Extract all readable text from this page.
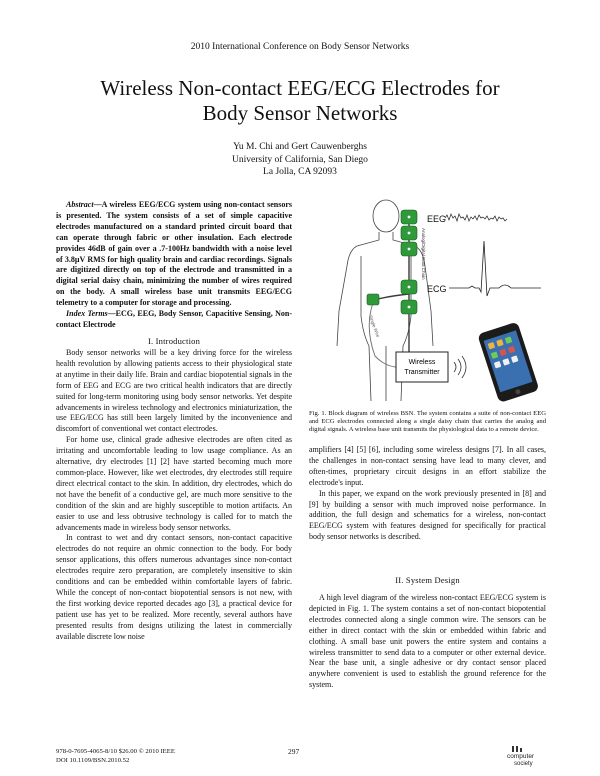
2010 International Conference on Body Sensor Networks
Wireless Non-contact EEG/ECG Electrodes for
Body Sensor Networks
Yu M. Chi and Gert Cauwenberghs
University of California, San Diego
La Jolla, CA 92093

Abstract—A wireless EEG/ECG system using non-contact sensors is presented. The system consists of a set of simple capacitive electrodes manufactured on a standard printed circuit board that can operate through fabric or other insulation. Each electrode provides 46dB of gain over a .7-100Hz bandwidth with a noise level of 3.8µV RMS for high quality brain and cardiac recordings. Signals are digitized directly on top of the electrode and transmitted in a digital serial daisy chain, minimizing the number of wires required on the body. A small wireless base unit transmits EEG/ECG telemetry to a computer for storage and processing.

Index Terms—ECG, EEG, Body Sensor, Capacitive Sensing, Non-contact Electrode

I. Introduction

Body sensor networks will be a key driving force for the wireless health revolution by allowing patients access to their physiological state at anytime in their daily life. Brain and cardiac biopotential signals in the form of EEG and ECG are two critical health indicators that are directly suited for long-term monitoring using body sensor networks. Yet despite advancements in wireless technology and electronics miniaturization, the use EEG/ECG has still been largely limited by the inconvenience and discomfort of conventional wet contact electrodes.

For home use, clinical grade adhesive electrodes are often cited as irritating and uncomfortable leading to low usage compliance. As an alternative, dry electrodes [1] [2] have started becoming much more common-place. However, like wet electrodes, dry electrodes still require direct electrical contact to the skin. In addition, dry electrodes, which do not have the benefit of a conductive gel, are much more sensitive to the condition of the skin and are highly susceptible to motion artifacts. An easier to use and less obtrusive technology is called for to match the advancements made in wireless body sensor networks.

In contrast to wet and dry contact sensors, non-contact capacitive electrodes do not require an ohmic connection to the body. For body sensor applications, this offers numerous advantages since non-contact electrodes require zero preparation, are completely insensitive to skin conditions and can be embedded within comfortable layers of fabric. While the concept of non-contact biopotential sensors is not new, with the first working device reported decades ago [3], a practical device for patient use has yet to be realized. More recently, several authors have presented results from designs utilizing the latest in commercially available discrete low noise

Analog/Digital Data Chain
Single Wire
EEG
ECG
Wireless
Transmitter
Fig. 1. Block diagram of wireless BSN. The system contains a suite of non-contact EEG and ECG electrodes connected along a single daisy chain that carries the analog and digital signals. A wireless base unit transmits the physiological data to a remote device.

amplifiers [4] [5] [6], including some wireless designs [7]. In all cases, the challenges in non-contact sensing have lead to many clever, and often-times, proprietary circuit designs in an effort stabilize the electrode's input.

In this paper, we expand on the work previously presented in [8] and [9] by building a sensor with much improved noise performance. In addition, the full design and schematics for a wireless, non-contact EEG/ECG system with features designed for specifically for practical body sensor networks is described.

II. System Design

A high level diagram of the wireless non-contact EEG/ECG system is depicted in Fig. 1. The system contains a set of non-contact biopotential electrodes connected along a single common wire. The sensors can be either in direct contact with the skin or embedded within fabric and clothing. A small base unit powers the entire system and contains a wireless transmitter to send data to a computer or other external device. Near the base unit, a single adhesive or dry contact sensor placed anywhere convenient is used to establish the ground reference for the system.

978-0-7695-4065-8/10 $26.00 © 2010 IEEE
DOI 10.1109/BSN.2010.52
297
computer
society
